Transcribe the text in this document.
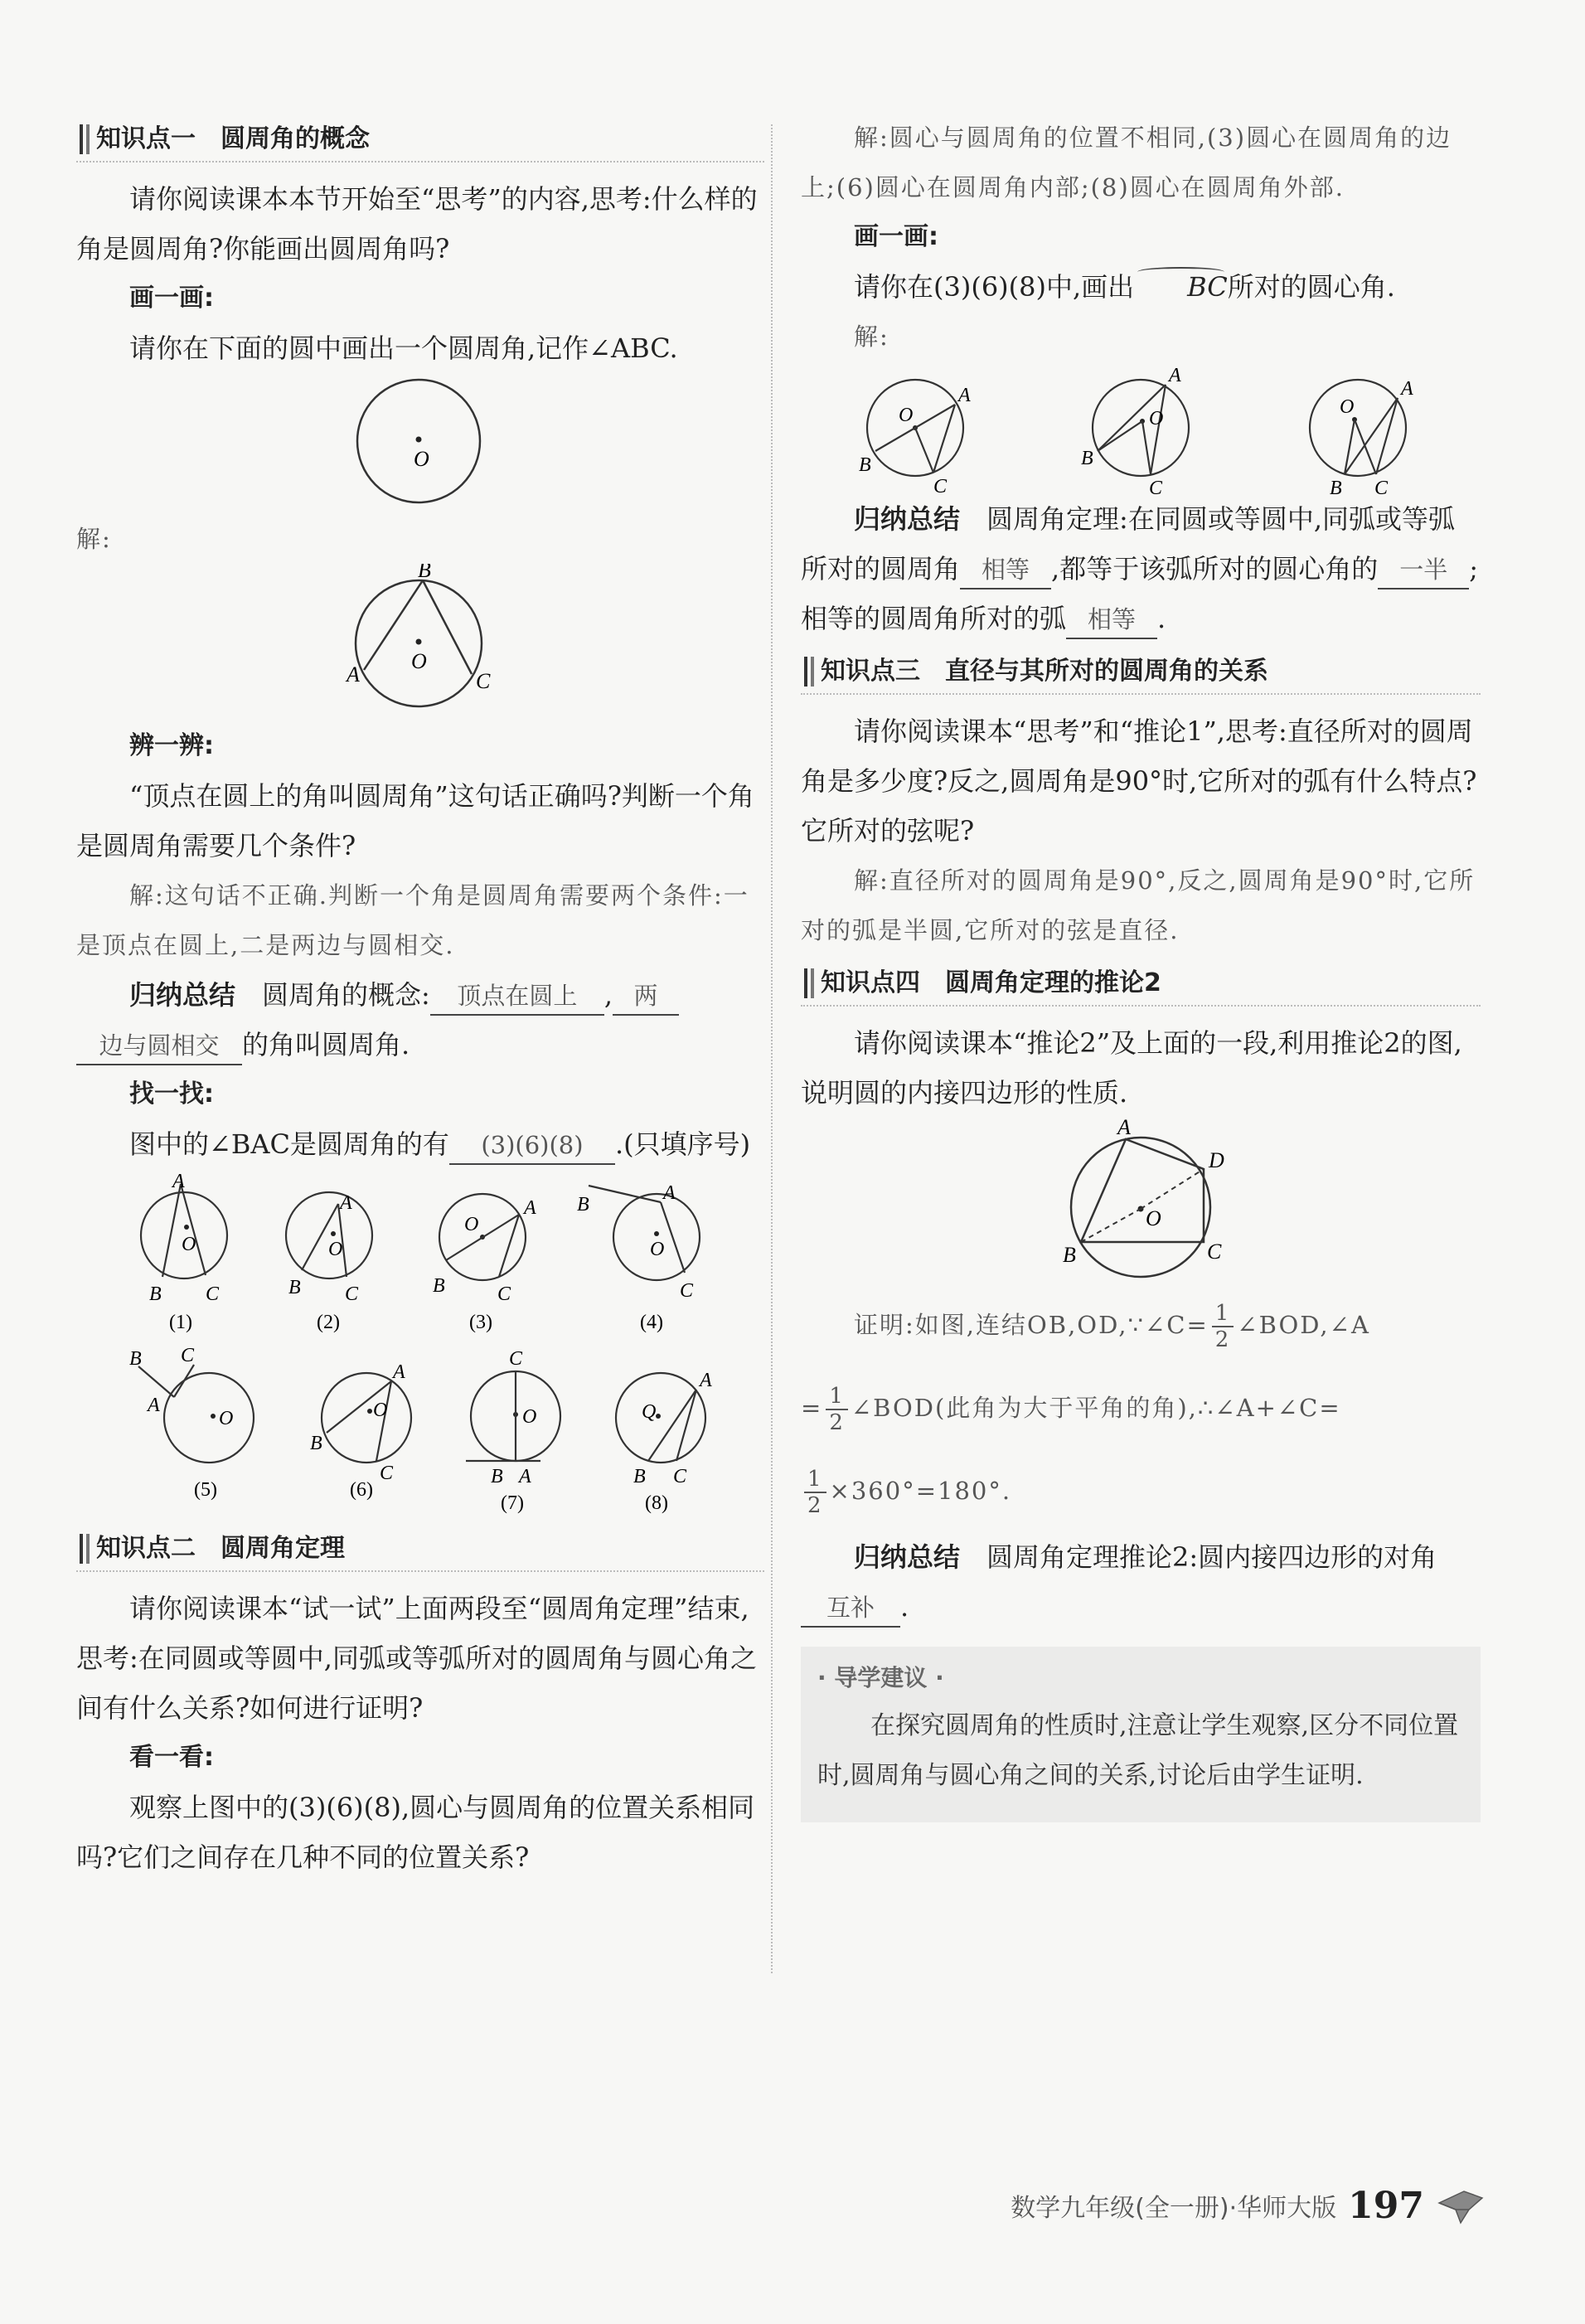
知识点一　圆周角的概念

请你阅读课本本节开始至“思考”的内容,思考:什么样的角是圆周角?你能画出圆周角吗?

画一画:

请你在下面的圆中画出一个圆周角,记作∠ABC.

O

解:

B
A	C
O

辨一辨:

“顶点在圆上的角叫圆周角”这句话正确吗?判断一个角是圆周角需要几个条件?

解:这句话不正确.判断一个角是圆周角需要两个条件:一是顶点在圆上,二是两边与圆相交.

归纳总结　 圆周角的概念: 顶点在圆上 , 两边与圆相交 的角叫圆周角.

找一找:

图中的∠BAC是圆周角的有 (3)(6)(8) .(只填序号)

A
O
B C
(1)
A
O
B C
(2)
A
O
B	C
(3)
A
B
O
C
(4)
B C
A
O
(5)
A
O
B
C
(6)
C
O
B A
(7)
A
Q
B C
(8)
知识点二　圆周角定理

请你阅读课本“试一试”上面两段至“圆周角定理”结束,思考:在同圆或等圆中,同弧或等弧所对的圆周角与圆心角之间有什么关系?如何进行证明?

看一看:

观察上图中的(3)(6)(8),圆心与圆周角的位置关系相同吗?它们之间存在几种不同的位置关系?

解:圆心与圆周角的位置不相同,(3)圆心在圆周角的边上;(6)圆心在圆周角内部;(8)圆心在圆周角外部.

画一画:

请你在(3)(6)(8)中,画出 BC所对的圆心角.

解:

A
O
B
C
A
O
B
C
A
O
B C

归纳总结　 圆周角定理:在同圆或等圆中,同弧或等弧所对的圆周角 相等 ,都等于该弧所对的圆心角的 一半 ;相等的圆周角所对的弧 相等 .

知识点三　直径与其所对的圆周角的关系

请你阅读课本“思考”和“推论1”,思考:直径所对的圆周角是多少度?反之,圆周角是90°时,它所对的弧有什么特点?它所对的弦呢?

解:直径所对的圆周角是90°,反之,圆周角是90°时,它所对的弧是半圆,它所对的弦是直径.

知识点四　圆周角定理的推论2

请你阅读课本“推论2”及上面的一段,利用推论2的图,说明圆的内接四边形的性质.

A
D
O
B	C

证明:如图,连结OB,OD,∵∠C= $\frac{1}{2}$ ∠BOD,∠A

= $\frac{1}{2}$ ∠BOD(此角为大于平角的角),∴∠A+∠C=

$\frac{1}{2} \times 360^\circ=180^\circ$.

归纳总结　 圆周角定理推论2:圆内接四边形的对角互补 .

· 导学建议 ·

在探究圆周角的性质时,注意让学生观察,区分不同位置时,圆周角与圆心角之间的关系,讨论后由学生证明.

数学九年级(全一册)·华师大版 197
